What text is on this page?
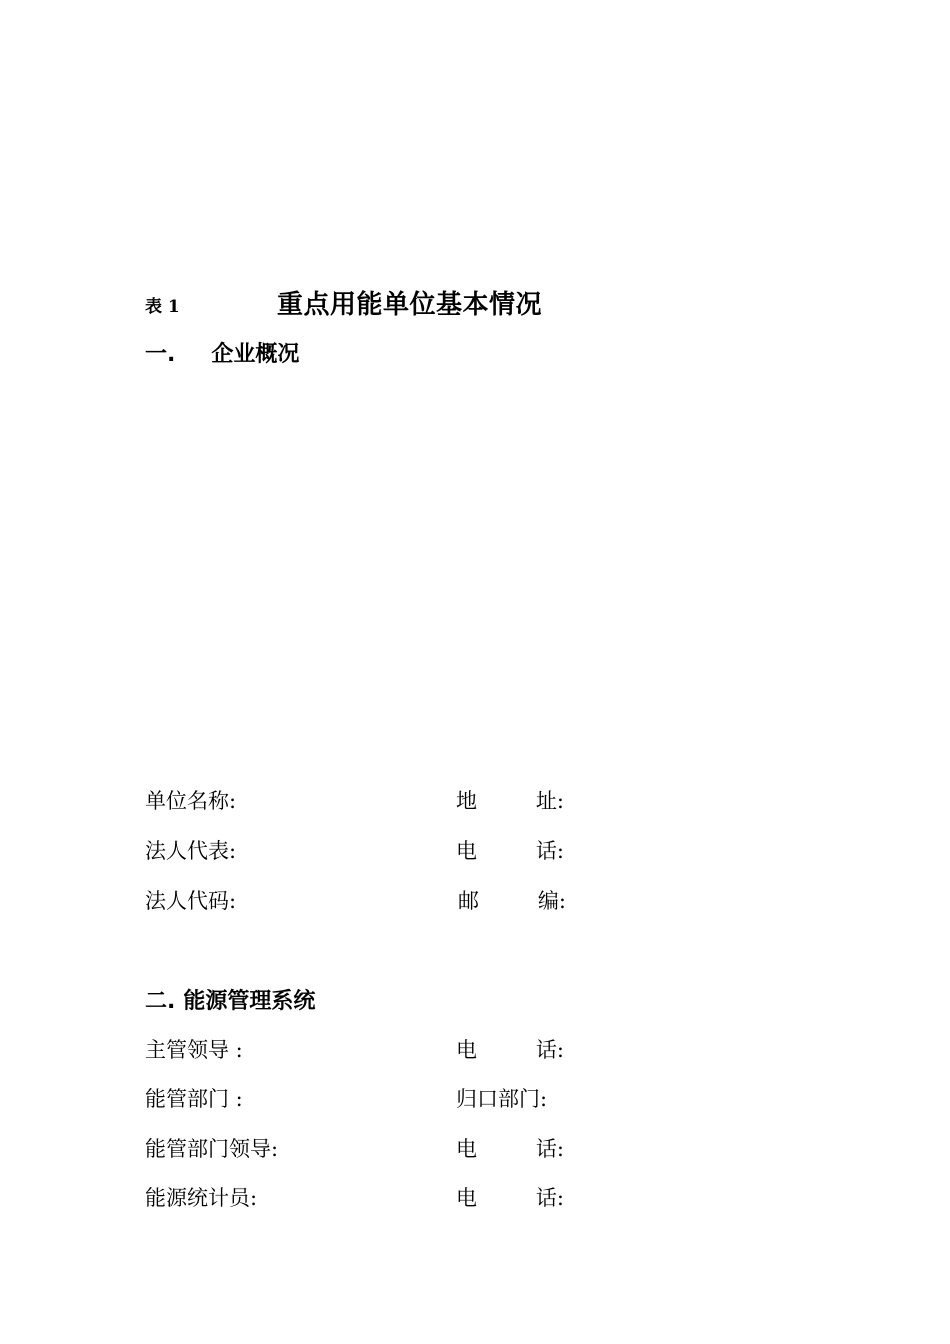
表 1	重点用能单位基本情况
一. 企业概况
单位名称:	地	址:
法人代表:	电	话:
法人代码:	邮	编:
二. 能源管理系统
主管领导 :	电	话:
能管部门 :	归口部门:
能管部门领导:	电	话:
能源统计员:	电	话:
